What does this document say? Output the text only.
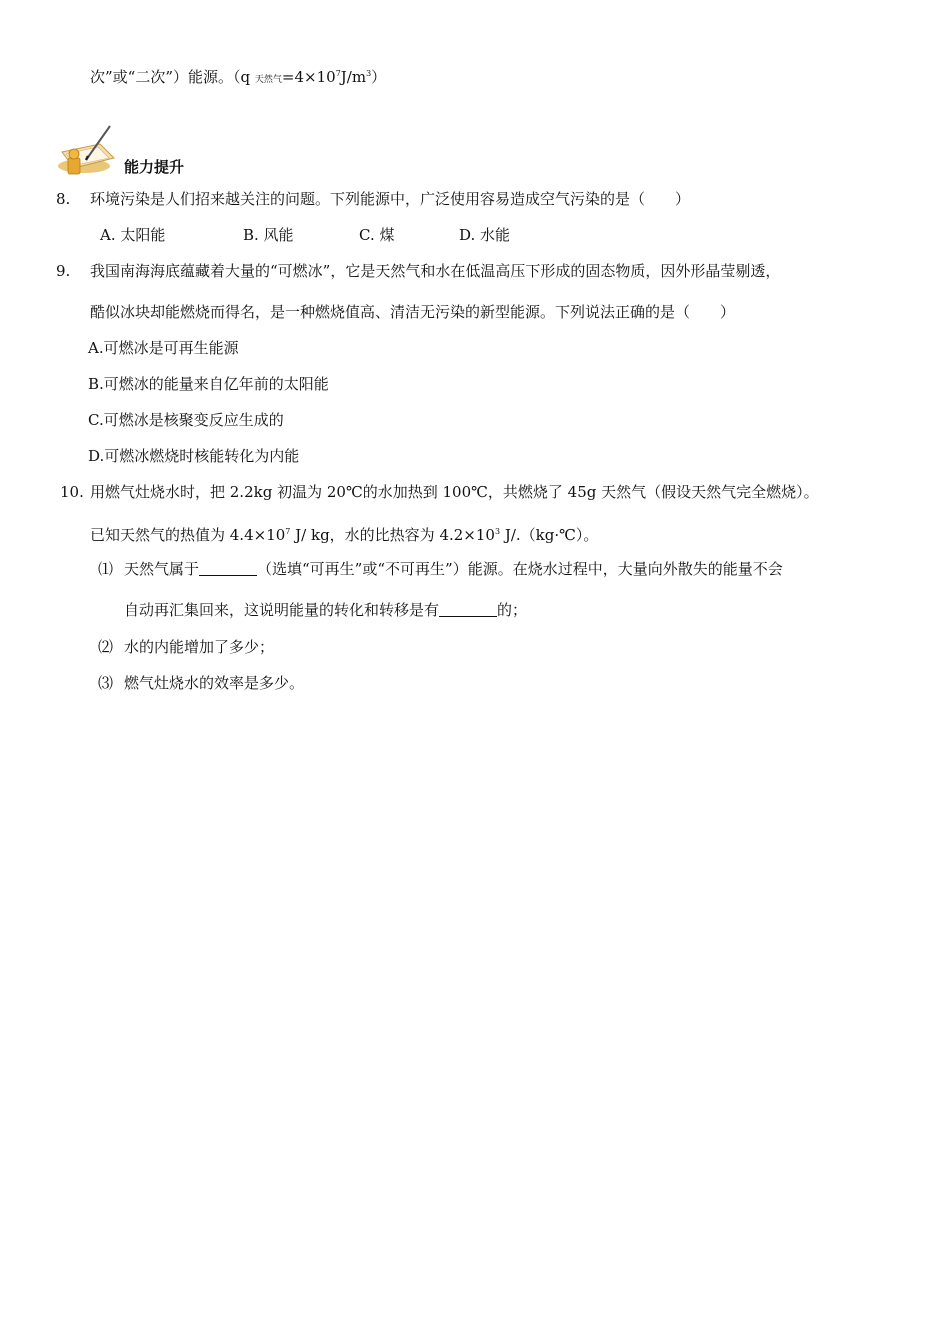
次”或“二次”）能源。（q 天然气$=4\times 10^7J/m^3$）
能力提升
8. 环境污染是人们招来越关注的问题。下列能源中，广泛使用容易造成空气污染的是（　　）
A. 太阳能	B. 风能	C. 煤	D. 水能
9. 我国南海海底蕴藏着大量的“可燃冰”，它是天然气和水在低温高压下形成的固态物质，因外形晶莹剔透，
酷似冰块却能燃烧而得名，是一种燃烧值高、清洁无污染的新型能源。下列说法正确的是（　　）
A.可燃冰是可再生能源
B.可燃冰的能量来自亿年前的太阳能
C.可燃冰是核聚变反应生成的
D.可燃冰燃烧时核能转化为内能
10. 用燃气灶烧水时，把 2.2kg 初温为 20℃的水加热到 100℃，共燃烧了 45g 天然气（假设天然气完全燃烧）。
已知天然气的热值为 $4.4\times 10^7$ J/ kg，水的比热容为 $4.2\times 10^3$ J/.（kg·℃）。
⑴ 天然气属于	（选填“可再生”或“不可再生”）能源。在烧水过程中，大量向外散失的能量不会
自动再汇集回来，这说明能量的转化和转移是有	的；
⑵ 水的内能增加了多少；
⑶ 燃气灶烧水的效率是多少。
